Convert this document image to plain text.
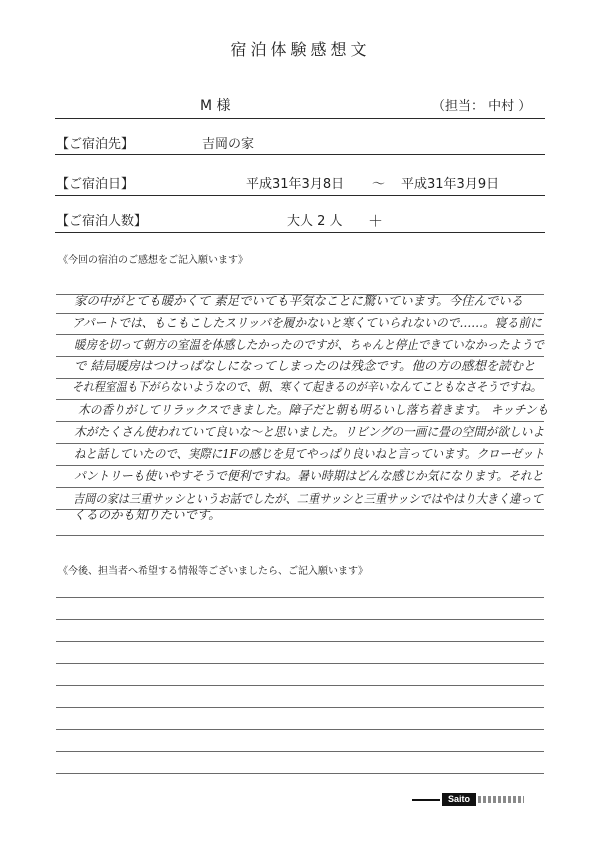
宿泊体験感想文
M 様	（担当： 中村 ）
【ご宿泊先】	吉岡の家
【ご宿泊日】	平成31年3月8日 ～ 平成31年3月9日
【ご宿泊人数】	大人 2 人 ＋
《今回の宿泊のご感想をご記入願います》
家の中がとても暖かくて 素足でいても平気なことに驚いています。今住んでいる
アパートでは、もこもこしたスリッパを履かないと寒くていられないので……。寝る前に
暖房を切って朝方の室温を体感したかったのですが、ちゃんと停止できていなかったようで
で 結局暖房はつけっぱなしになってしまったのは残念です。他の方の感想を読むと
それ程室温も下がらないようなので、朝、寒くて起きるのが辛いなんてこともなさそうですね。
木の香りがしてリラックスできました。障子だと朝も明るいし落ち着きます。 キッチンも
木がたくさん使われていて良いな〜と思いました。リビングの一画に畳の空間が欲しいよ
ねと話していたので、実際に1Fの感じを見てやっぱり良いねと言っています。クローゼット
パントリーも使いやすそうで便利ですね。暑い時期はどんな感じか気になります。それと
吉岡の家は三重サッシというお話でしたが、二重サッシと三重サッシではやはり大きく違って
くるのかも知りたいです。
《今後、担当者へ希望する情報等ございましたら、ご記入願います》
Saito
